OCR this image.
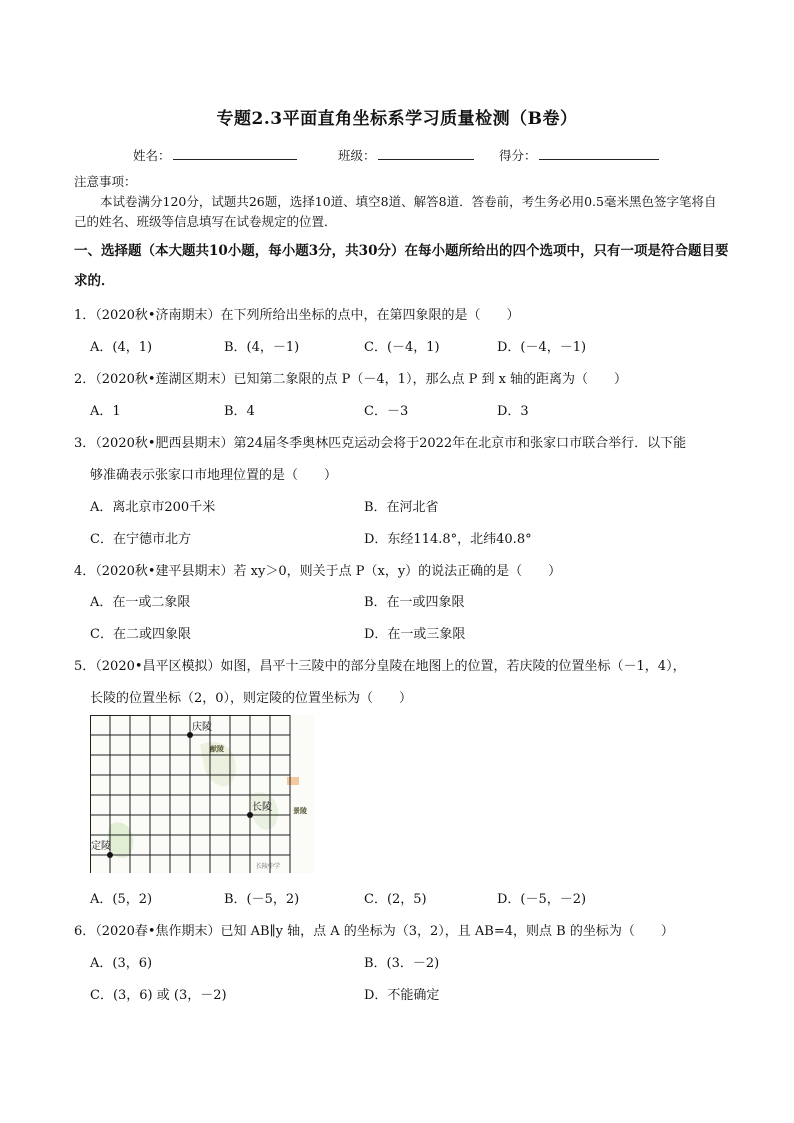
专题2.3平面直角坐标系学习质量检测（B卷）
姓名：	班级：	得分：
注意事项：
本试卷满分120分，试题共26题，选择10道、填空8道、解答8道．答卷前，考生务必用0.5毫米黑色签字笔将自己的姓名、班级等信息填写在试卷规定的位置．
一、选择题（本大题共10小题，每小题3分，共30分）在每小题所给出的四个选项中，只有一项是符合题目要求的．
1．（2020秋•济南期末）在下列所给出坐标的点中，在第四象限的是（　　）
A．(4，1)	B．(4，－1)	C．(－4，1)	D．(－4，－1)
2．（2020秋•莲湖区期末）已知第二象限的点 P（－4，1），那么点 P 到 x 轴的距离为（　　）
A．1	B．4	C．－3	D．3
3．（2020秋•肥西县期末）第24届冬季奥林匹克运动会将于2022年在北京市和张家口市联合举行．以下能
够准确表示张家口市地理位置的是（　　）
A．离北京市200千米	B．在河北省
C．在宁德市北方	D．东经114.8°，北纬40.8°
4．（2020秋•建平县期末）若 xy＞0，则关于点 P（x，y）的说法正确的是（　　）
A．在一或二象限	B．在一或四象限
C．在二或四象限	D．在一或三象限
5．（2020•昌平区模拟）如图，昌平十三陵中的部分皇陵在地图上的位置，若庆陵的位置坐标（－1，4），
长陵的位置坐标（2，0），则定陵的位置坐标为（　　）
庆陵
献陵
长陵	景陵
定陵
长陵中学
A．(5，2)	B．(－5，2)	C．(2，5)	D．(－5，－2)
6．（2020春•焦作期末）已知 AB∥y 轴，点 A 的坐标为（3，2），且 AB=4，则点 B 的坐标为（　　）
A．(3，6)	B．(3．－2)
C．(3，6) 或 (3，－2)	D．不能确定
